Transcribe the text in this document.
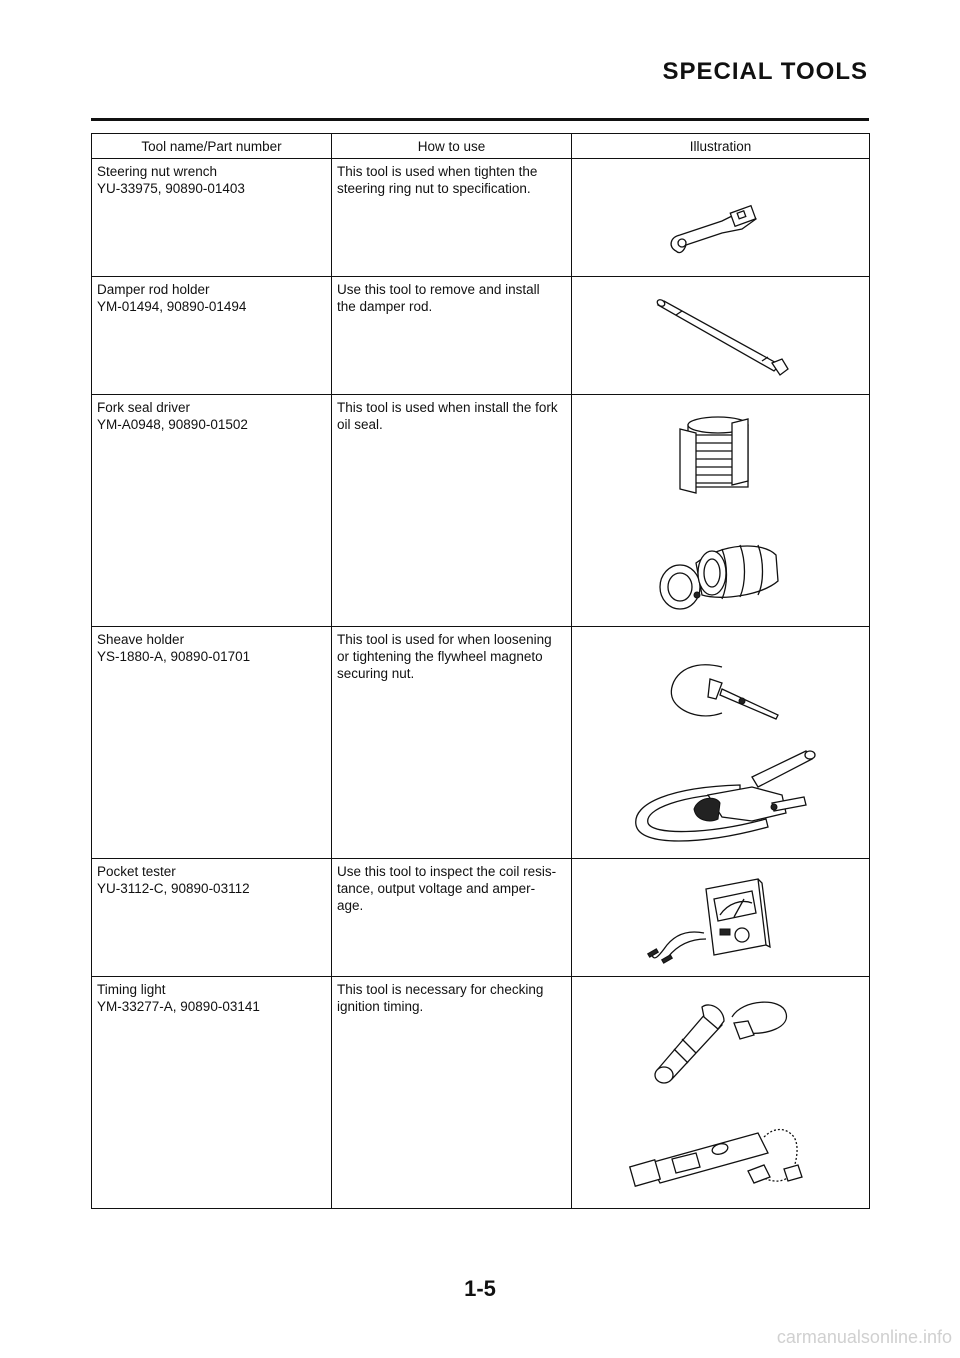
SPECIAL TOOLS
Tool name/Part number	How to use	Illustration

Steering nut wrench
YU-33975, 90890-01403	This tool is used when tighten the
steering ring nut to specification.

Damper rod holder
YM-01494, 90890-01494	Use this tool to remove and install
the damper rod.

Fork seal driver
YM-A0948, 90890-01502	This tool is used when install the fork
oil seal.

Sheave holder
YS-1880-A, 90890-01701	This tool is used for when loosening
or tightening the flywheel magneto
securing nut.

Pocket tester
YU-3112-C, 90890-03112	Use this tool to inspect the coil resis-
tance, output voltage and amper-
age.

Timing light
YM-33277-A, 90890-03141	This tool is necessary for checking
ignition timing.

1-5
carmanualsonline.info
